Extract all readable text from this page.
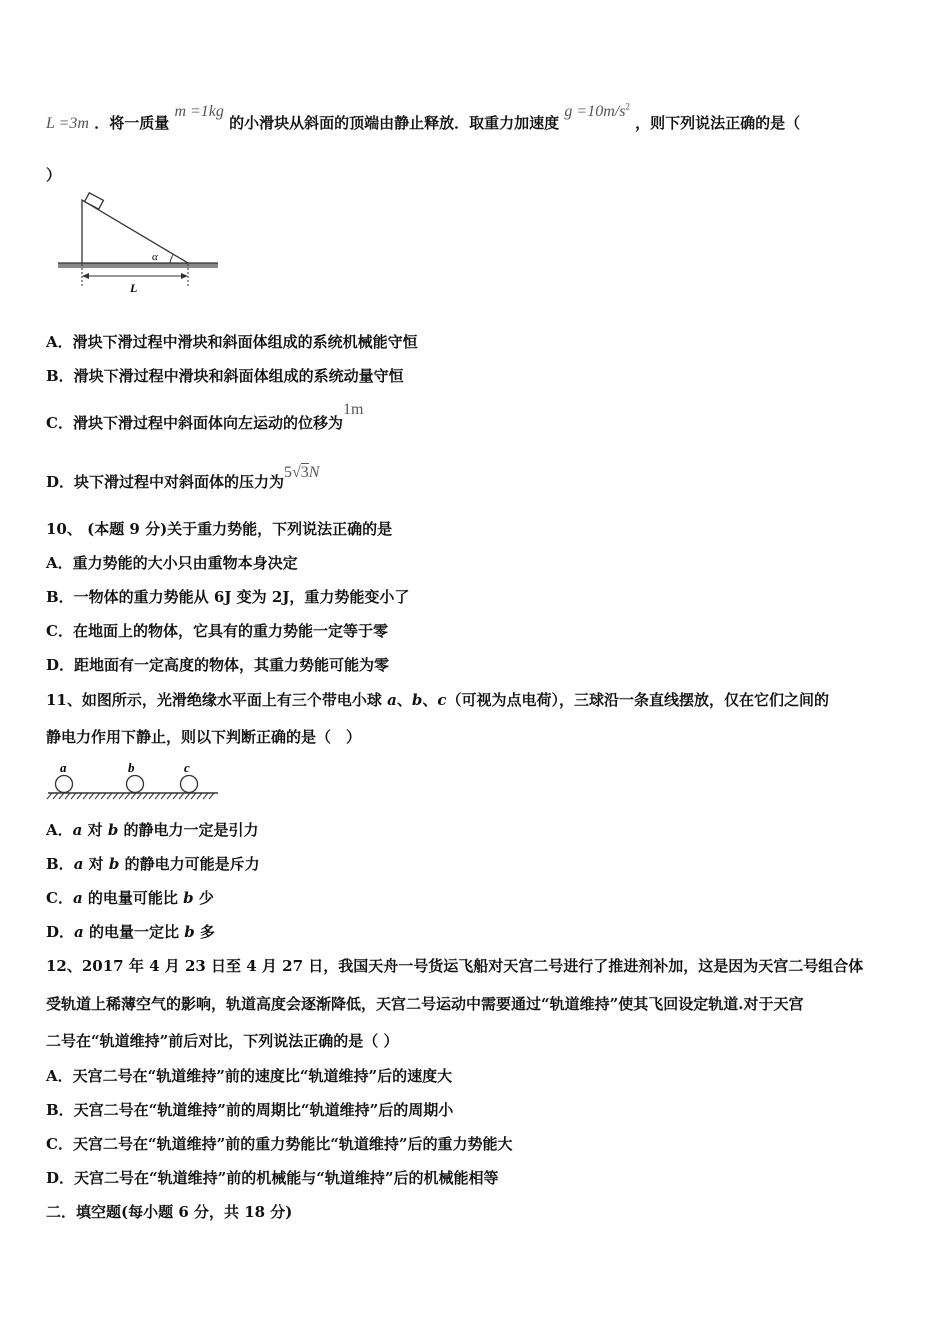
L =3m ．将一质量 m =1kg 的小滑块从斜面的顶端由静止释放．取重力加速度 $g =10m/s^2$ ，则下列说法正确的是（
）
α
L
A．滑块下滑过程中滑块和斜面体组成的系统机械能守恒
B．滑块下滑过程中滑块和斜面体组成的系统动量守恒
C．滑块下滑过程中斜面体向左运动的位移为1m
D．块下滑过程中对斜面体的压力为5√3N
10、 (本题 9 分)关于重力势能，下列说法正确的是
A．重力势能的大小只由重物本身决定
B．一物体的重力势能从 6J 变为 2J，重力势能变小了
C．在地面上的物体，它具有的重力势能一定等于零
D．距地面有一定高度的物体，其重力势能可能为零
11、如图所示，光滑绝缘水平面上有三个带电小球 a、b、c（可视为点电荷），三球沿一条直线摆放，仅在它们之间的
静电力作用下静止，则以下判断正确的是（　）
a	b	c
A．a 对 b 的静电力一定是引力
B．a 对 b 的静电力可能是斥力
C．a 的电量可能比 b 少
D．a 的电量一定比 b 多
12、2017 年 4 月 23 日至 4 月 27 日，我国天舟一号货运飞船对天宫二号进行了推进剂补加，这是因为天宫二号组合体
受轨道上稀薄空气的影响，轨道高度会逐渐降低，天宫二号运动中需要通过“轨道维持”使其飞回设定轨道.对于天宫
二号在“轨道维持”前后对比，下列说法正确的是（ ）
A．天宫二号在“轨道维持”前的速度比“轨道维持”后的速度大
B．天宫二号在“轨道维持”前的周期比“轨道维持”后的周期小
C．天宫二号在“轨道维持”前的重力势能比“轨道维持”后的重力势能大
D．天宫二号在“轨道维持”前的机械能与“轨道维持”后的机械能相等
二．填空题(每小题 6 分，共 18 分)
